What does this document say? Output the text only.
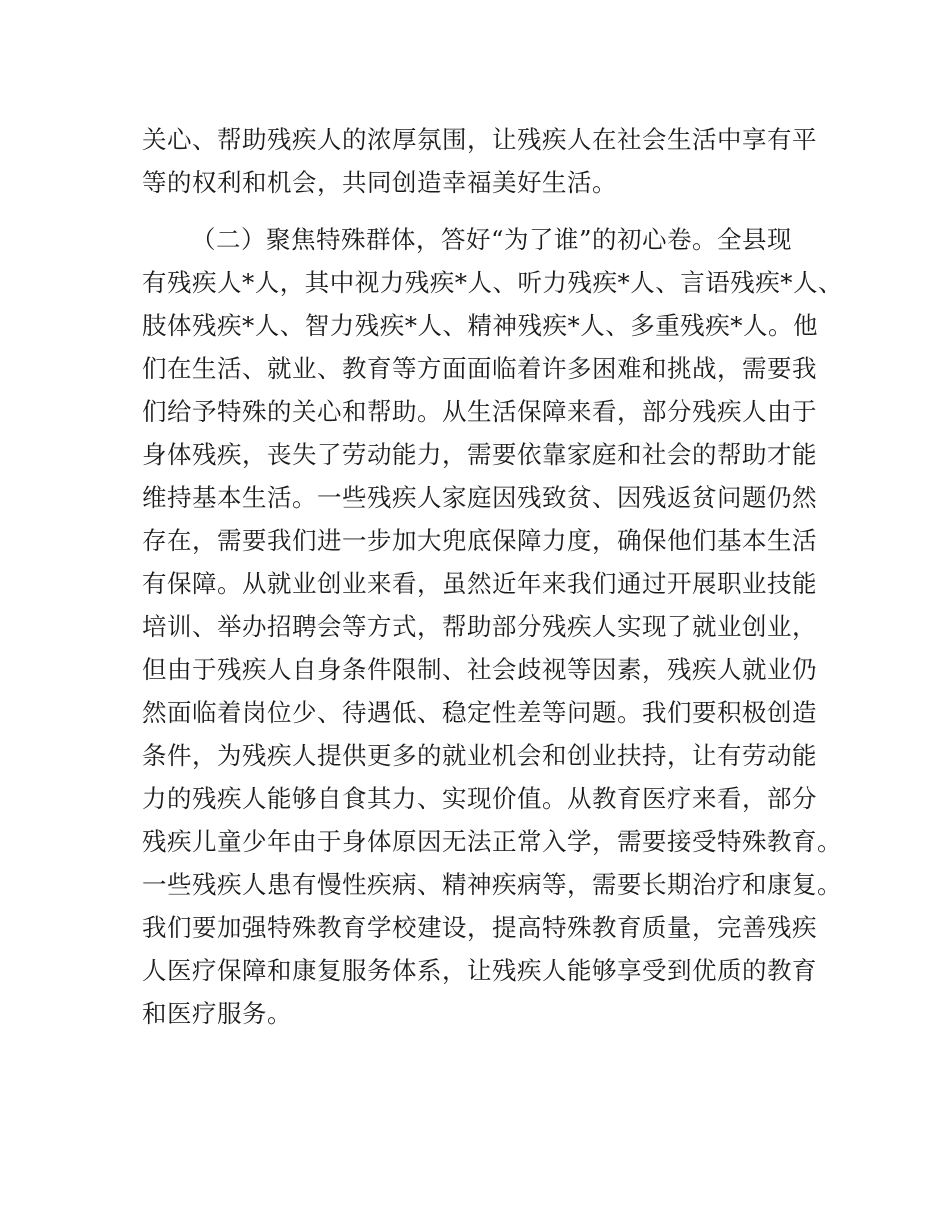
关心、帮助残疾人的浓厚氛围，让残疾人在社会生活中享有平
等的权利和机会，共同创造幸福美好生活。

（二）聚焦特殊群体，答好“为了谁”的初心卷。全县现
有残疾人*人，其中视力残疾*人、听力残疾*人、言语残疾*人、
肢体残疾*人、智力残疾*人、精神残疾*人、多重残疾*人。他
们在生活、就业、教育等方面面临着许多困难和挑战，需要我
们给予特殊的关心和帮助。从生活保障来看，部分残疾人由于
身体残疾，丧失了劳动能力，需要依靠家庭和社会的帮助才能
维持基本生活。一些残疾人家庭因残致贫、因残返贫问题仍然
存在，需要我们进一步加大兜底保障力度，确保他们基本生活
有保障。从就业创业来看，虽然近年来我们通过开展职业技能
培训、举办招聘会等方式，帮助部分残疾人实现了就业创业，
但由于残疾人自身条件限制、社会歧视等因素，残疾人就业仍
然面临着岗位少、待遇低、稳定性差等问题。我们要积极创造
条件，为残疾人提供更多的就业机会和创业扶持，让有劳动能
力的残疾人能够自食其力、实现价值。从教育医疗来看，部分
残疾儿童少年由于身体原因无法正常入学，需要接受特殊教育。
一些残疾人患有慢性疾病、精神疾病等，需要长期治疗和康复。
我们要加强特殊教育学校建设，提高特殊教育质量，完善残疾
人医疗保障和康复服务体系，让残疾人能够享受到优质的教育
和医疗服务。
